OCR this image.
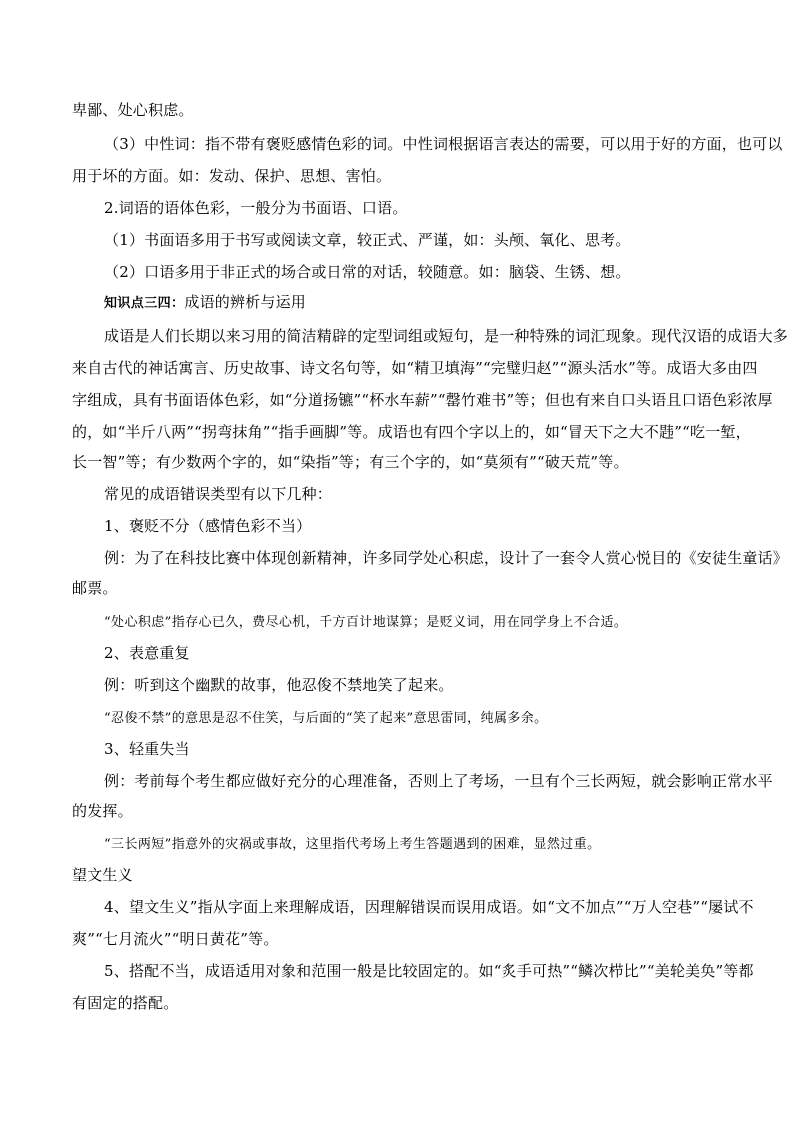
卑鄙、处心积虑。
（3）中性词：指不带有褒贬感情色彩的词。中性词根据语言表达的需要，可以用于好的方面，也可以
用于坏的方面。如：发动、保护、思想、害怕。
2.词语的语体色彩，一般分为书面语、口语。
（1）书面语多用于书写或阅读文章，较正式、严谨，如：头颅、氧化、思考。
（2）口语多用于非正式的场合或日常的对话，较随意。如：脑袋、生锈、想。
知识点三四：成语的辨析与运用
成语是人们长期以来习用的简洁精辟的定型词组或短句，是一种特殊的词汇现象。现代汉语的成语大多
来自古代的神话寓言、历史故事、诗文名句等，如“精卫填海”“完璧归赵”“源头活水”等。成语大多由四
字组成，具有书面语体色彩，如“分道扬镳”“杯水车薪”“罄竹难书”等；但也有来自口头语且口语色彩浓厚
的，如“半斤八两”“拐弯抹角”“指手画脚”等。成语也有四个字以上的，如“冒天下之大不韪”“吃一堑，
长一智”等；有少数两个字的，如“染指”等；有三个字的，如“莫须有”“破天荒”等。
常见的成语错误类型有以下几种：
1、褒贬不分（感情色彩不当）
例：为了在科技比赛中体现创新精神，许多同学处心积虑，设计了一套令人赏心悦目的《安徒生童话》
邮票。
“处心积虑”指存心已久，费尽心机，千方百计地谋算；是贬义词，用在同学身上不合适。
2、表意重复
例：听到这个幽默的故事，他忍俊不禁地笑了起来。
“忍俊不禁”的意思是忍不住笑，与后面的“笑了起来”意思雷同，纯属多余。
3、轻重失当
例：考前每个考生都应做好充分的心理准备，否则上了考场，一旦有个三长两短，就会影响正常水平
的发挥。
“三长两短”指意外的灾祸或事故，这里指代考场上考生答题遇到的困难，显然过重。
望文生义
4、望文生义”指从字面上来理解成语，因理解错误而误用成语。如“文不加点”“万人空巷”“屡试不
爽”“七月流火”“明日黄花”等。
5、搭配不当，成语适用对象和范围一般是比较固定的。如“炙手可热”“鳞次栉比”“美轮美奂”等都
有固定的搭配。
